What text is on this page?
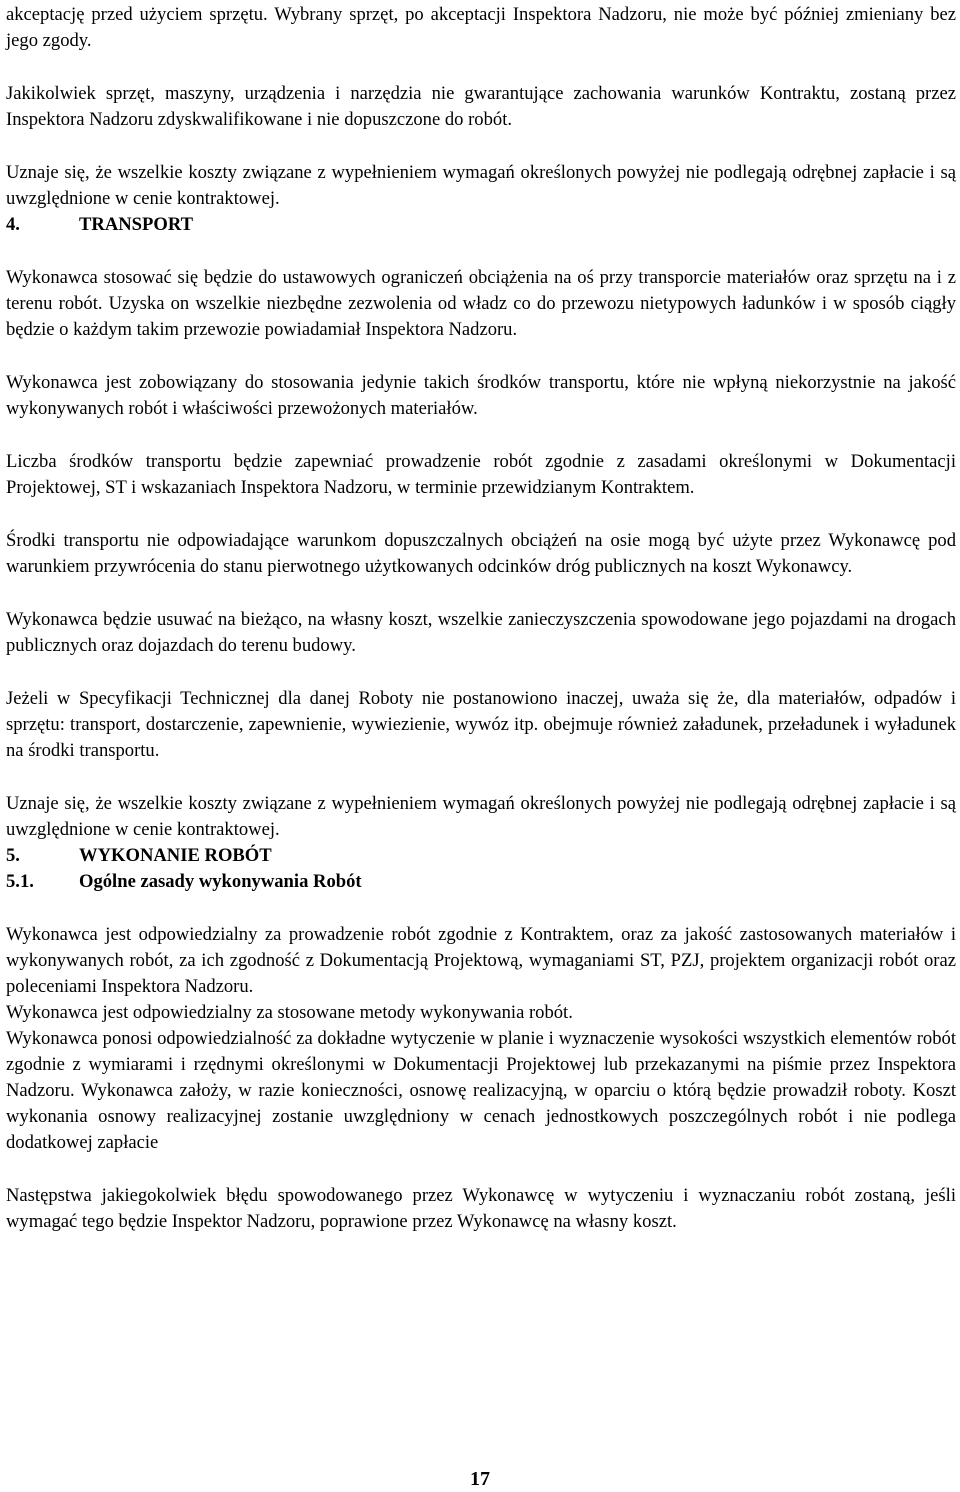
akceptację przed użyciem sprzętu. Wybrany sprzęt, po akceptacji Inspektora Nadzoru, nie może być później zmieniany bez jego zgody.

Jakikolwiek sprzęt, maszyny, urządzenia i narzędzia nie gwarantujące zachowania warunków Kontraktu, zostaną przez Inspektora Nadzoru zdyskwalifikowane i nie dopuszczone do robót.

Uznaje się, że wszelkie koszty związane z wypełnieniem wymagań określonych powyżej nie podlegają odrębnej zapłacie i są uwzględnione w cenie kontraktowej.

4.	TRANSPORT

Wykonawca stosować się będzie do ustawowych ograniczeń obciążenia na oś przy transporcie materiałów oraz sprzętu na i z terenu robót. Uzyska on wszelkie niezbędne zezwolenia od władz co do przewozu nietypowych ładunków i w sposób ciągły będzie o każdym takim przewozie powiadamiał Inspektora Nadzoru.

Wykonawca jest zobowiązany do stosowania jedynie takich środków transportu, które nie wpłyną niekorzystnie na jakość wykonywanych robót i właściwości przewożonych materiałów.

Liczba środków transportu będzie zapewniać prowadzenie robót zgodnie z zasadami określonymi w Dokumentacji Projektowej, ST i wskazaniach Inspektora Nadzoru, w terminie przewidzianym Kontraktem.

Środki transportu nie odpowiadające warunkom dopuszczalnych obciążeń na osie mogą być użyte przez Wykonawcę pod warunkiem przywrócenia do stanu pierwotnego użytkowanych odcinków dróg publicznych na koszt Wykonawcy.

Wykonawca będzie usuwać na bieżąco, na własny koszt, wszelkie zanieczyszczenia spowodowane jego pojazdami na drogach publicznych oraz dojazdach do terenu budowy.

Jeżeli w Specyfikacji Technicznej dla danej Roboty nie postanowiono inaczej, uważa się że, dla materiałów, odpadów i sprzętu: transport, dostarczenie, zapewnienie, wywiezienie, wywóz itp. obejmuje również załadunek, przeładunek i wyładunek na środki transportu.

Uznaje się, że wszelkie koszty związane z wypełnieniem wymagań określonych powyżej nie podlegają odrębnej zapłacie i są uwzględnione w cenie kontraktowej.

5.	WYKONANIE ROBÓT
5.1.	Ogólne zasady wykonywania Robót

Wykonawca jest odpowiedzialny za prowadzenie robót zgodnie z Kontraktem, oraz za jakość zastosowanych materiałów i wykonywanych robót, za ich zgodność z Dokumentacją Projektową, wymaganiami ST, PZJ, projektem organizacji robót oraz poleceniami Inspektora Nadzoru.

Wykonawca jest odpowiedzialny za stosowane metody wykonywania robót.

Wykonawca ponosi odpowiedzialność za dokładne wytyczenie w planie i wyznaczenie wysokości wszystkich elementów robót zgodnie z wymiarami i rzędnymi określonymi w Dokumentacji Projektowej lub przekazanymi na piśmie przez Inspektora Nadzoru. Wykonawca założy, w razie konieczności, osnowę realizacyjną, w oparciu o którą będzie prowadził roboty. Koszt wykonania osnowy realizacyjnej zostanie uwzględniony w cenach jednostkowych poszczególnych robót i nie podlega dodatkowej zapłacie

Następstwa jakiegokolwiek błędu spowodowanego przez Wykonawcę w wytyczeniu i wyznaczaniu robót zostaną, jeśli wymagać tego będzie Inspektor Nadzoru, poprawione przez Wykonawcę na własny koszt.

17
